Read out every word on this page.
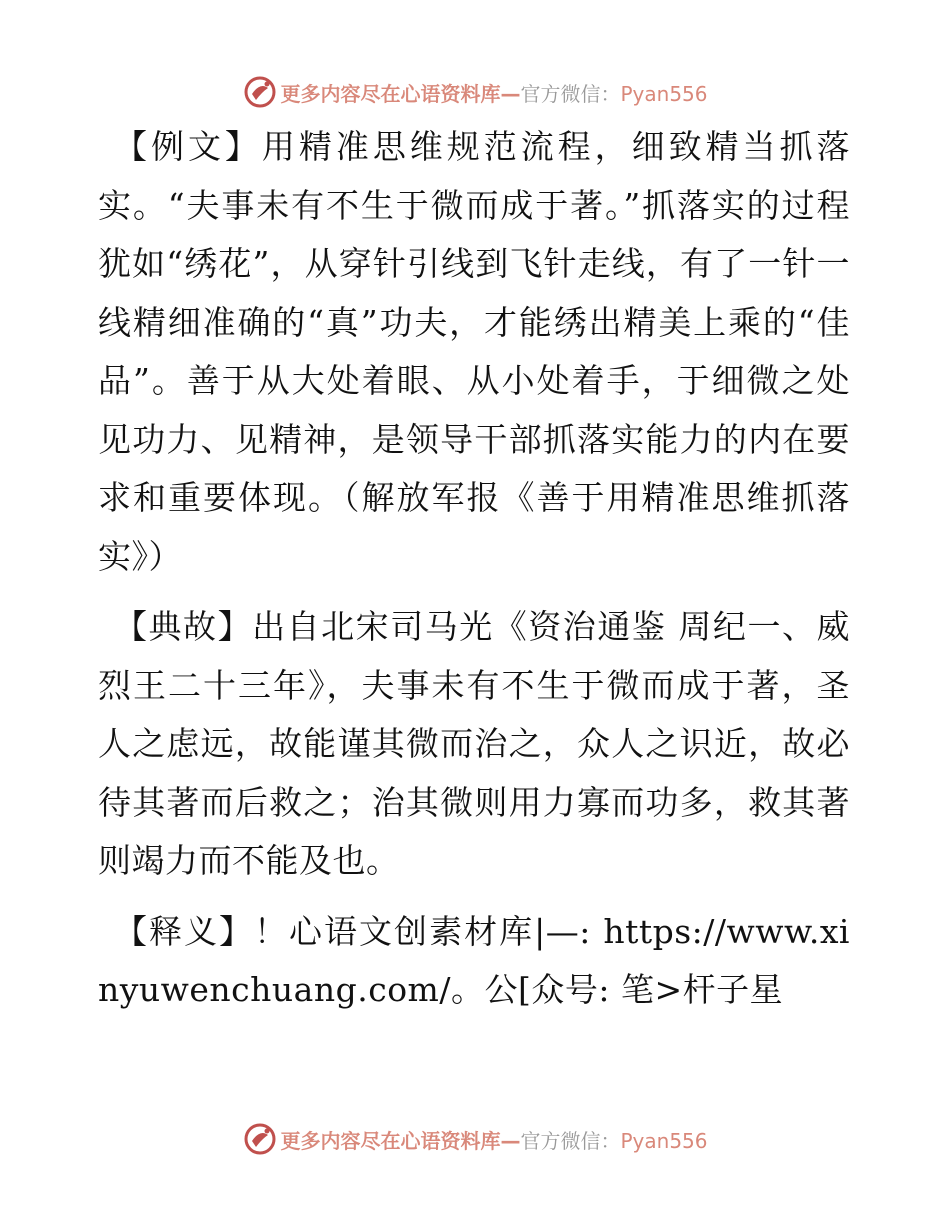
更多内容尽在心语资料库—官方微信：Pyan556

【例文】用精准思维规范流程，细致精当抓落实。“夫事未有不生于微而成于著。”抓落实的过程犹如“绣花”，从穿针引线到飞针走线，有了一针一线精细准确的“真”功夫，才能绣出精美上乘的“佳品”。善于从大处着眼、从小处着手，于细微之处见功力、见精神，是领导干部抓落实能力的内在要求和重要体现。（解放军报《善于用精准思维抓落实》）

【典故】出自北宋司马光《资治通鉴 周纪一、威烈王二十三年》，夫事未有不生于微而成于著，圣人之虑远，故能谨其微而治之，众人之识近，故必待其著而后救之；治其微则用力寡而功多，救其著则竭力而不能及也。

【释义】！心语文创素材库|—: https://www.xinyuwenchuang.com/。公[众号: 笔>杆子星

更多内容尽在心语资料库—官方微信：Pyan556
